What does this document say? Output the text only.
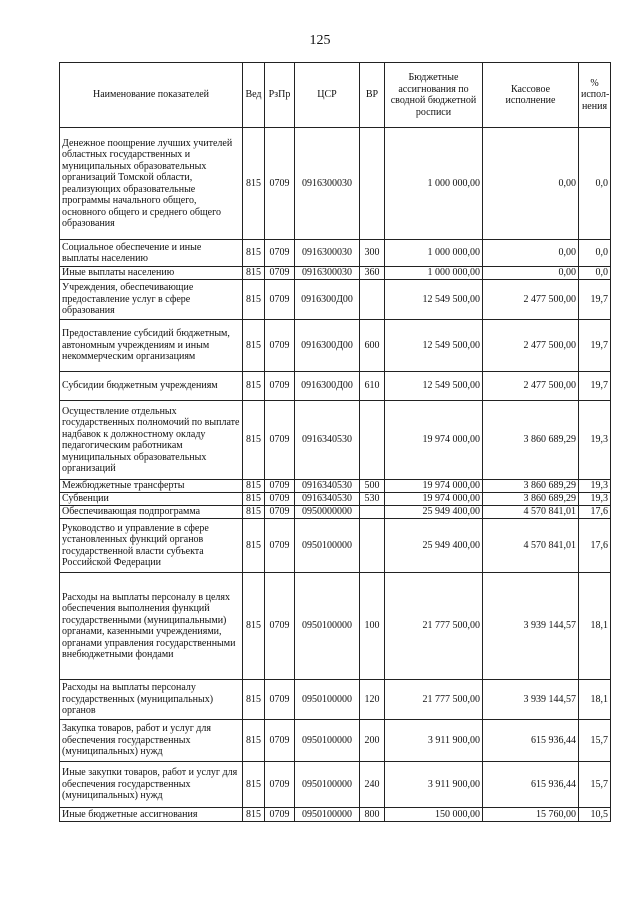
125
Наименование показателей	Вед	РзПр	ЦСР	ВР	Бюджетные ассигнования по сводной бюджетной росписи	Кассовое исполнение	% испол-нения
Денежное поощрение лучших учителей областных государственных и муниципальных образовательных организаций Томской области, реализующих образовательные программы начального общего, основного общего и среднего общего образования	815	0709	0916300030		1 000 000,00	0,00	0,0
Социальное обеспечение и иные выплаты населению	815	0709	0916300030	300	1 000 000,00	0,00	0,0
Иные выплаты населению	815	0709	0916300030	360	1 000 000,00	0,00	0,0
Учреждения, обеспечивающие предоставление услуг в сфере образования	815	0709	0916300Д00		12 549 500,00	2 477 500,00	19,7
Предоставление субсидий бюджетным, автономным учреждениям и иным некоммерческим организациям	815	0709	0916300Д00	600	12 549 500,00	2 477 500,00	19,7
Субсидии бюджетным учреждениям	815	0709	0916300Д00	610	12 549 500,00	2 477 500,00	19,7
Осуществление отдельных государственных полномочий по выплате надбавок к должностному окладу педагогическим работникам муниципальных образовательных организаций	815	0709	0916340530		19 974 000,00	3 860 689,29	19,3
Межбюджетные трансферты	815	0709	0916340530	500	19 974 000,00	3 860 689,29	19,3
Субвенции	815	0709	0916340530	530	19 974 000,00	3 860 689,29	19,3
Обеспечивающая подпрограмма	815	0709	0950000000		25 949 400,00	4 570 841,01	17,6
Руководство и управление в сфере установленных функций органов государственной власти субъекта Российской Федерации	815	0709	0950100000		25 949 400,00	4 570 841,01	17,6
Расходы на выплаты персоналу в целях обеспечения выполнения функций государственными (муниципальными) органами, казенными учреждениями, органами управления государственными внебюджетными фондами	815	0709	0950100000	100	21 777 500,00	3 939 144,57	18,1
Расходы на выплаты персоналу государственных (муниципальных) органов	815	0709	0950100000	120	21 777 500,00	3 939 144,57	18,1
Закупка товаров, работ и услуг для обеспечения государственных (муниципальных) нужд	815	0709	0950100000	200	3 911 900,00	615 936,44	15,7
Иные закупки товаров, работ и услуг для обеспечения государственных (муниципальных) нужд	815	0709	0950100000	240	3 911 900,00	615 936,44	15,7
Иные бюджетные ассигнования	815	0709	0950100000	800	150 000,00	15 760,00	10,5
